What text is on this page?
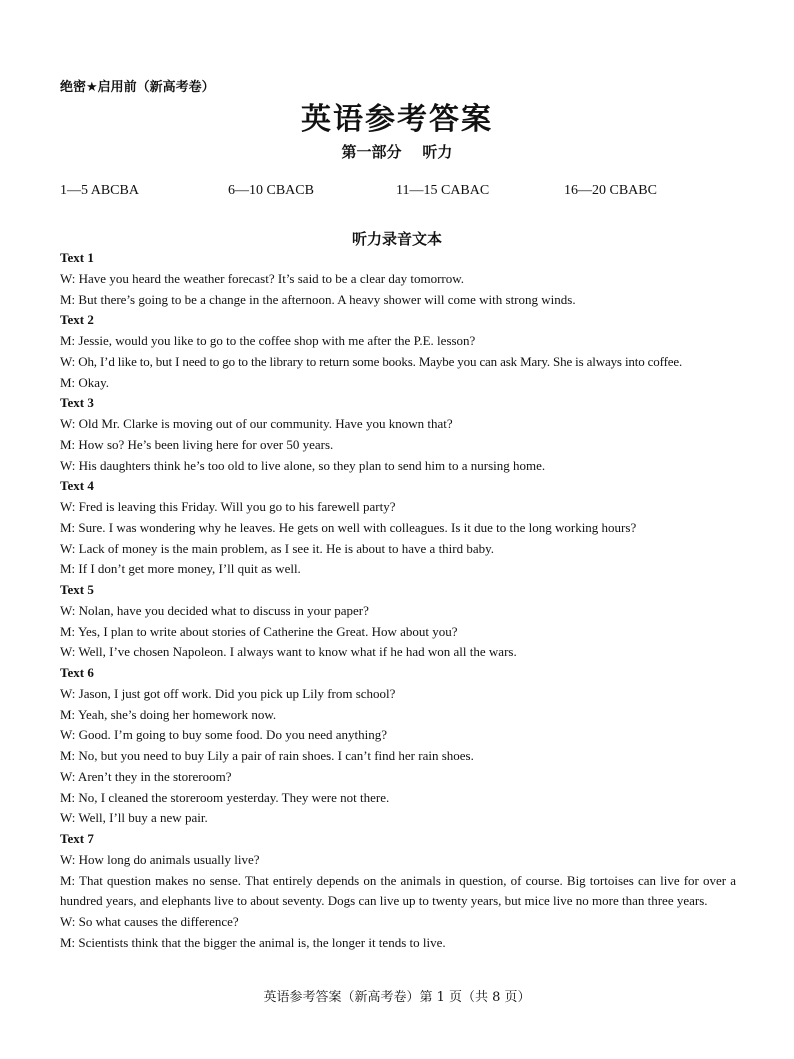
绝密★启用前（新高考卷）
英语参考答案
第一部分    听力
1—5 ABCBA	6—10 CBACB	11—15 CABAC	16—20 CBABC
听力录音文本
Text 1
W: Have you heard the weather forecast? It’s said to be a clear day tomorrow.
M: But there’s going to be a change in the afternoon. A heavy shower will come with strong winds.
Text 2
M: Jessie, would you like to go to the coffee shop with me after the P.E. lesson?
W: Oh, I’d like to, but I need to go to the library to return some books. Maybe you can ask Mary. She is always into coffee.
M: Okay.
Text 3
W: Old Mr. Clarke is moving out of our community. Have you known that?
M: How so? He’s been living here for over 50 years.
W: His daughters think he’s too old to live alone, so they plan to send him to a nursing home.
Text 4
W: Fred is leaving this Friday. Will you go to his farewell party?
M: Sure. I was wondering why he leaves. He gets on well with colleagues. Is it due to the long working hours?
W: Lack of money is the main problem, as I see it. He is about to have a third baby.
M: If I don’t get more money, I’ll quit as well.
Text 5
W: Nolan, have you decided what to discuss in your paper?
M: Yes, I plan to write about stories of Catherine the Great. How about you?
W: Well, I’ve chosen Napoleon. I always want to know what if he had won all the wars.
Text 6
W: Jason, I just got off work. Did you pick up Lily from school?
M: Yeah, she’s doing her homework now.
W: Good. I’m going to buy some food. Do you need anything?
M: No, but you need to buy Lily a pair of rain shoes. I can’t find her rain shoes.
W: Aren’t they in the storeroom?
M: No, I cleaned the storeroom yesterday. They were not there.
W: Well, I’ll buy a new pair.
Text 7
W: How long do animals usually live?
M: That question makes no sense. That entirely depends on the animals in question, of course. Big tortoises can live for over a hundred years, and elephants live to about seventy. Dogs can live up to twenty years, but mice live no more than three years.
W: So what causes the difference?
M: Scientists think that the bigger the animal is, the longer it tends to live.
英语参考答案（新高考卷）第 1 页（共 8 页）
